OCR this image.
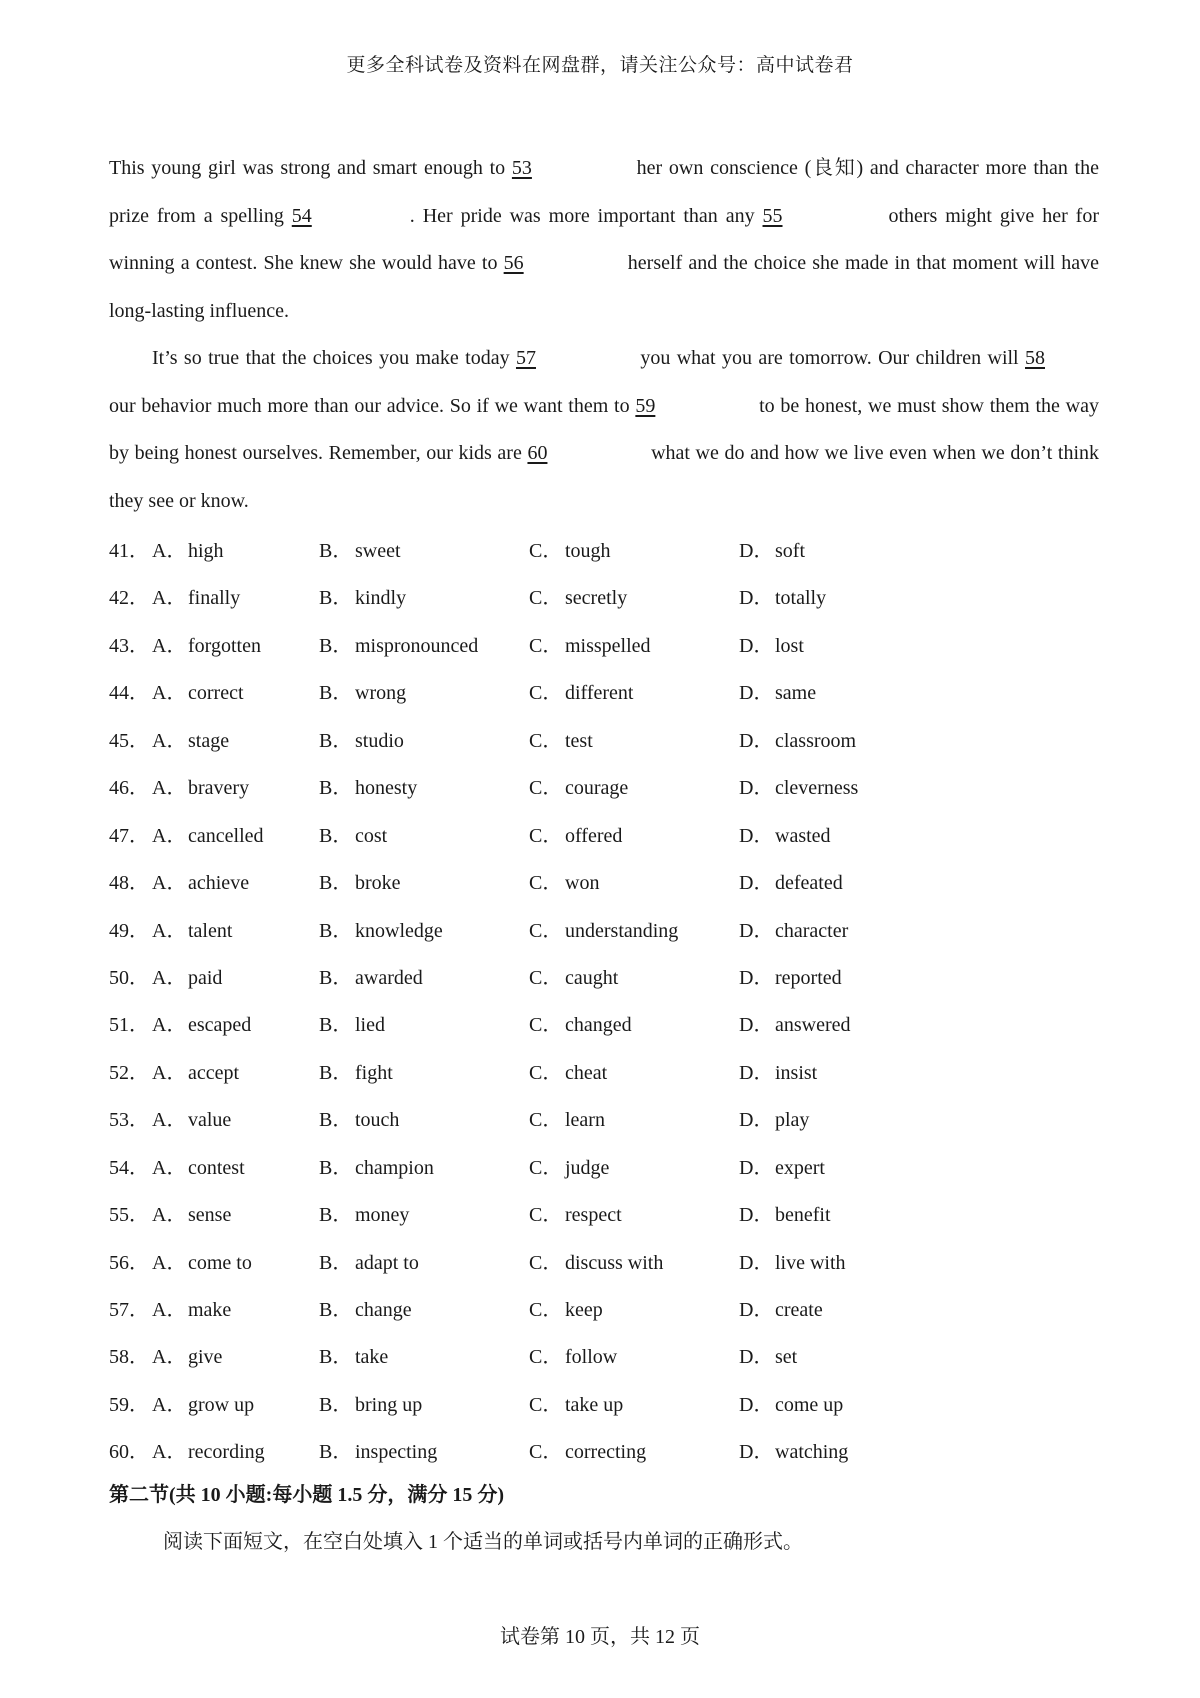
更多全科试卷及资料在网盘群，请关注公众号：高中试卷君

This young girl was strong and smart enough to 53	her own conscience (良知) and character more than the prize from a spelling 54	. Her pride was more important than any 55	others might give her for winning a contest. She knew she would have to 56	herself and the choice she made in that moment will have long-lasting influence.

It’s so true that the choices you make today 57	you what you are tomorrow. Our children will 58 our behavior much more than our advice. So if we want them to 59	to be honest, we must show them the way by being honest ourselves. Remember, our kids are 60	what we do and how we live even when we don’t think they see or know.

41． A． high	B． sweet	C． tough	D． soft
42． A． finally	B． kindly	C． secretly	D． totally
43． A． forgotten	B． mispronounced	C． misspelled	D． lost
44． A． correct	B． wrong	C． different	D． same
45． A． stage	B． studio	C． test	D． classroom
46． A． bravery	B． honesty	C． courage	D． cleverness
47． A． cancelled	B． cost	C． offered	D． wasted
48． A． achieve	B． broke	C． won	D． defeated
49． A． talent	B． knowledge	C． understanding	D． character
50． A． paid	B． awarded	C． caught	D． reported
51． A． escaped	B． lied	C． changed	D． answered
52． A． accept	B． fight	C． cheat	D． insist
53． A． value	B． touch	C． learn	D． play
54． A． contest	B． champion	C． judge	D． expert
55． A． sense	B． money	C． respect	D． benefit
56． A． come to	B． adapt to	C． discuss with	D． live with
57． A． make	B． change	C． keep	D． create
58． A． give	B． take	C． follow	D． set
59． A． grow up	B． bring up	C． take up	D． come up
60． A． recording	B． inspecting	C． correcting	D． watching
第二节(共 10 小题:每小题 1.5 分，满分 15 分)
阅读下面短文，在空白处填入 1 个适当的单词或括号内单词的正确形式。
试卷第 10 页，共 12 页
